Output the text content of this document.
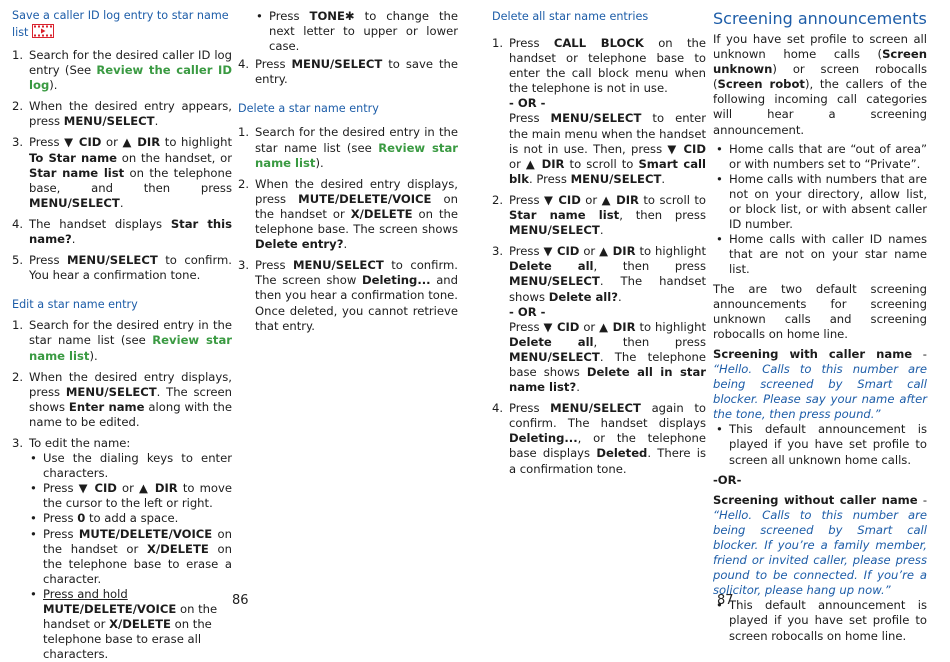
Save a caller ID log entry to star name list
1. Search for the desired caller ID log entry (See Review the caller ID log).
2. When the desired entry appears, press MENU/SELECT.
3. Press ▼ CID or ▲ DIR to highlight To Star name on the handset, or Star name list on the telephone base, and then press MENU/SELECT.
4. The handset displays Star this name?.
5. Press MENU/SELECT to confirm. You hear a confirmation tone.
Edit a star name entry
1. Search for the desired entry in the star name list (see Review star name list).
2. When the desired entry displays, press MENU/SELECT. The screen shows Enter name along with the name to be edited.
3. To edit the name:
• Use the dialing keys to enter characters.
• Press ▼ CID or ▲ DIR to move the cursor to the left or right.
• Press 0 to add a space.
• Press MUTE/DELETE/VOICE on the handset or X/DELETE on the telephone base to erase a character.
• Press and hold
MUTE/DELETE/VOICE on the handset or X/DELETE on the telephone base to erase all characters.
86
• Press TONE✱ to change the next letter to upper or lower case.
4. Press MENU/SELECT to save the entry.
Delete a star name entry
1. Search for the desired entry in the star name list (see Review star name list).
2. When the desired entry displays, press MUTE/DELETE/VOICE on the handset or X/DELETE on the telephone base. The screen shows Delete entry?.
3. Press MENU/SELECT to confirm. The screen show Deleting... and then you hear a confirmation tone. Once deleted, you cannot retrieve that entry.
Delete all star name entries
1. Press CALL BLOCK on the handset or telephone base to enter the call block menu when the telephone is not in use.
- OR -
Press MENU/SELECT to enter the main menu when the handset is not in use. Then, press ▼ CID or ▲ DIR to scroll to Smart call blk. Press MENU/SELECT.
2. Press ▼ CID or ▲ DIR to scroll to Star name list, then press MENU/SELECT.
3. Press ▼ CID or ▲ DIR to highlight Delete all, then press MENU/SELECT. The handset shows Delete all?.
- OR -
Press ▼ CID or ▲ DIR to highlight Delete all, then press MENU/SELECT. The telephone base shows Delete all in star name list?.
4. Press MENU/SELECT again to confirm. The handset displays Deleting..., or the telephone base displays Deleted. There is a confirmation tone.
87
Screening announcements

If you have set profile to screen all unknown home calls (Screen unknown) or screen robocalls (Screen robot), the callers of the following incoming call categories will hear a screening announcement.

• Home calls that are “out of area” or with numbers set to “Private”.
• Home calls with numbers that are not on your directory, allow list, or block list, or with absent caller ID number.
• Home calls with caller ID names that are not on your star name list.

The are two default screening announcements for screening unknown calls and screening robocalls on home line.

Screening with caller name - “Hello. Calls to this number are being screened by Smart call blocker. Please say your name after the tone, then press pound.”

• This default announcement is played if you have set profile to screen all unknown home calls.
-OR-

Screening without caller name - “Hello. Calls to this number are being screened by Smart call blocker. If you’re a family member, friend or invited caller, please press pound to be connected. If you’re a solicitor, please hang up now.”

• This default announcement is played if you have set profile to screen robocalls on home line.
